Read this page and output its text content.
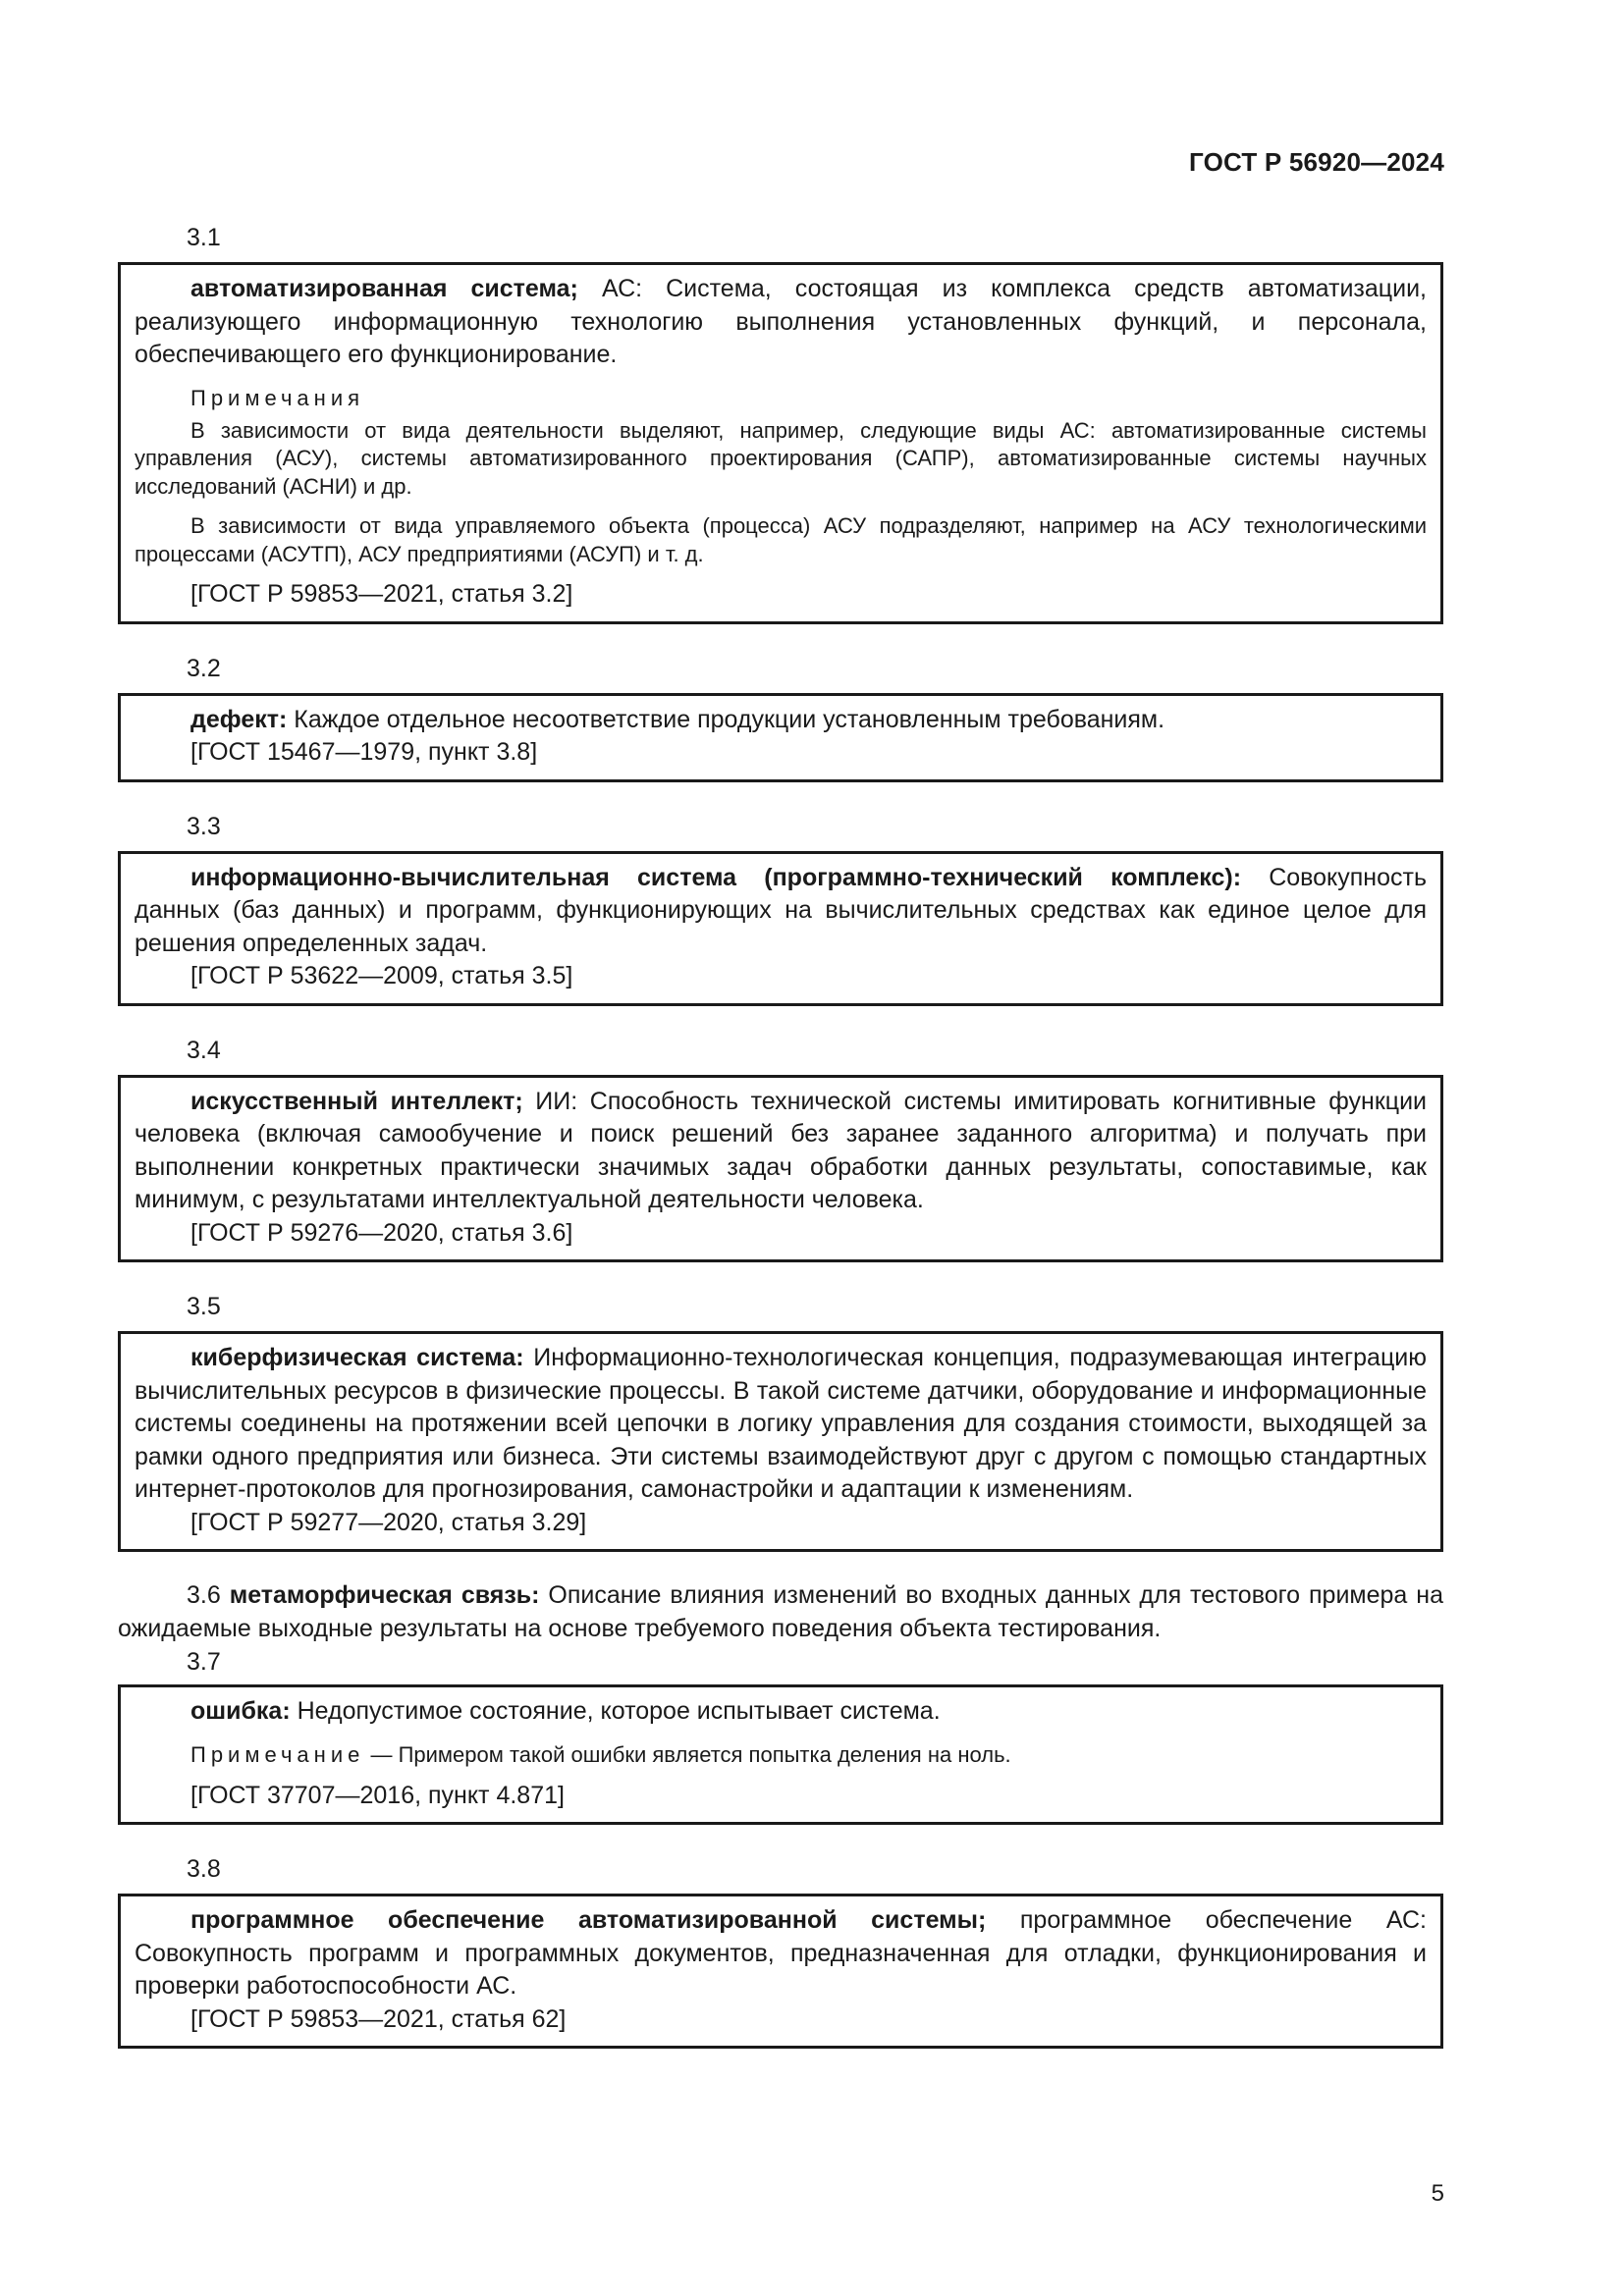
ГОСТ Р 56920—2024
3.1

автоматизированная система; АС: Система, состоящая из комплекса средств автоматизации, реализующего информационную технологию выполнения установленных функций, и персонала, обеспечивающего его функционирование.

Примечания

В зависимости от вида деятельности выделяют, например, следующие виды АС: автоматизированные системы управления (АСУ), системы автоматизированного проектирования (САПР), автоматизированные системы научных исследований (АСНИ) и др.

В зависимости от вида управляемого объекта (процесса) АСУ подразделяют, например на АСУ технологическими процессами (АСУТП), АСУ предприятиями (АСУП) и т. д.

[ГОСТ Р 59853—2021, статья 3.2]

3.2

дефект: Каждое отдельное несоответствие продукции установленным требованиям.

[ГОСТ 15467—1979, пункт 3.8]

3.3

информационно-вычислительная система (программно-технический комплекс): Совокупность данных (баз данных) и программ, функционирующих на вычислительных средствах как единое целое для решения определенных задач.

[ГОСТ Р 53622—2009, статья 3.5]

3.4

искусственный интеллект; ИИ: Способность технической системы имитировать когнитивные функции человека (включая самообучение и поиск решений без заранее заданного алгоритма) и получать при выполнении конкретных практически значимых задач обработки данных результаты, сопоставимые, как минимум, с результатами интеллектуальной деятельности человека.

[ГОСТ Р 59276—2020, статья 3.6]

3.5

киберфизическая система: Информационно-технологическая концепция, подразумевающая интеграцию вычислительных ресурсов в физические процессы. В такой системе датчики, оборудование и информационные системы соединены на протяжении всей цепочки в логику управления для создания стоимости, выходящей за рамки одного предприятия или бизнеса. Эти системы взаимодействуют друг с другом с помощью стандартных интернет-протоколов для прогнозирования, самонастройки и адаптации к изменениям.

[ГОСТ Р 59277—2020, статья 3.29]

3.6 метаморфическая связь: Описание влияния изменений во входных данных для тестового примера на ожидаемые выходные результаты на основе требуемого поведения объекта тестирования.

3.7

ошибка: Недопустимое состояние, которое испытывает система.

Примечание — Примером такой ошибки является попытка деления на ноль.

[ГОСТ 37707—2016, пункт 4.871]

3.8

программное обеспечение автоматизированной системы; программное обеспечение АС: Совокупность программ и программных документов, предназначенная для отладки, функционирования и проверки работоспособности АС.

[ГОСТ Р 59853—2021, статья 62]

5
